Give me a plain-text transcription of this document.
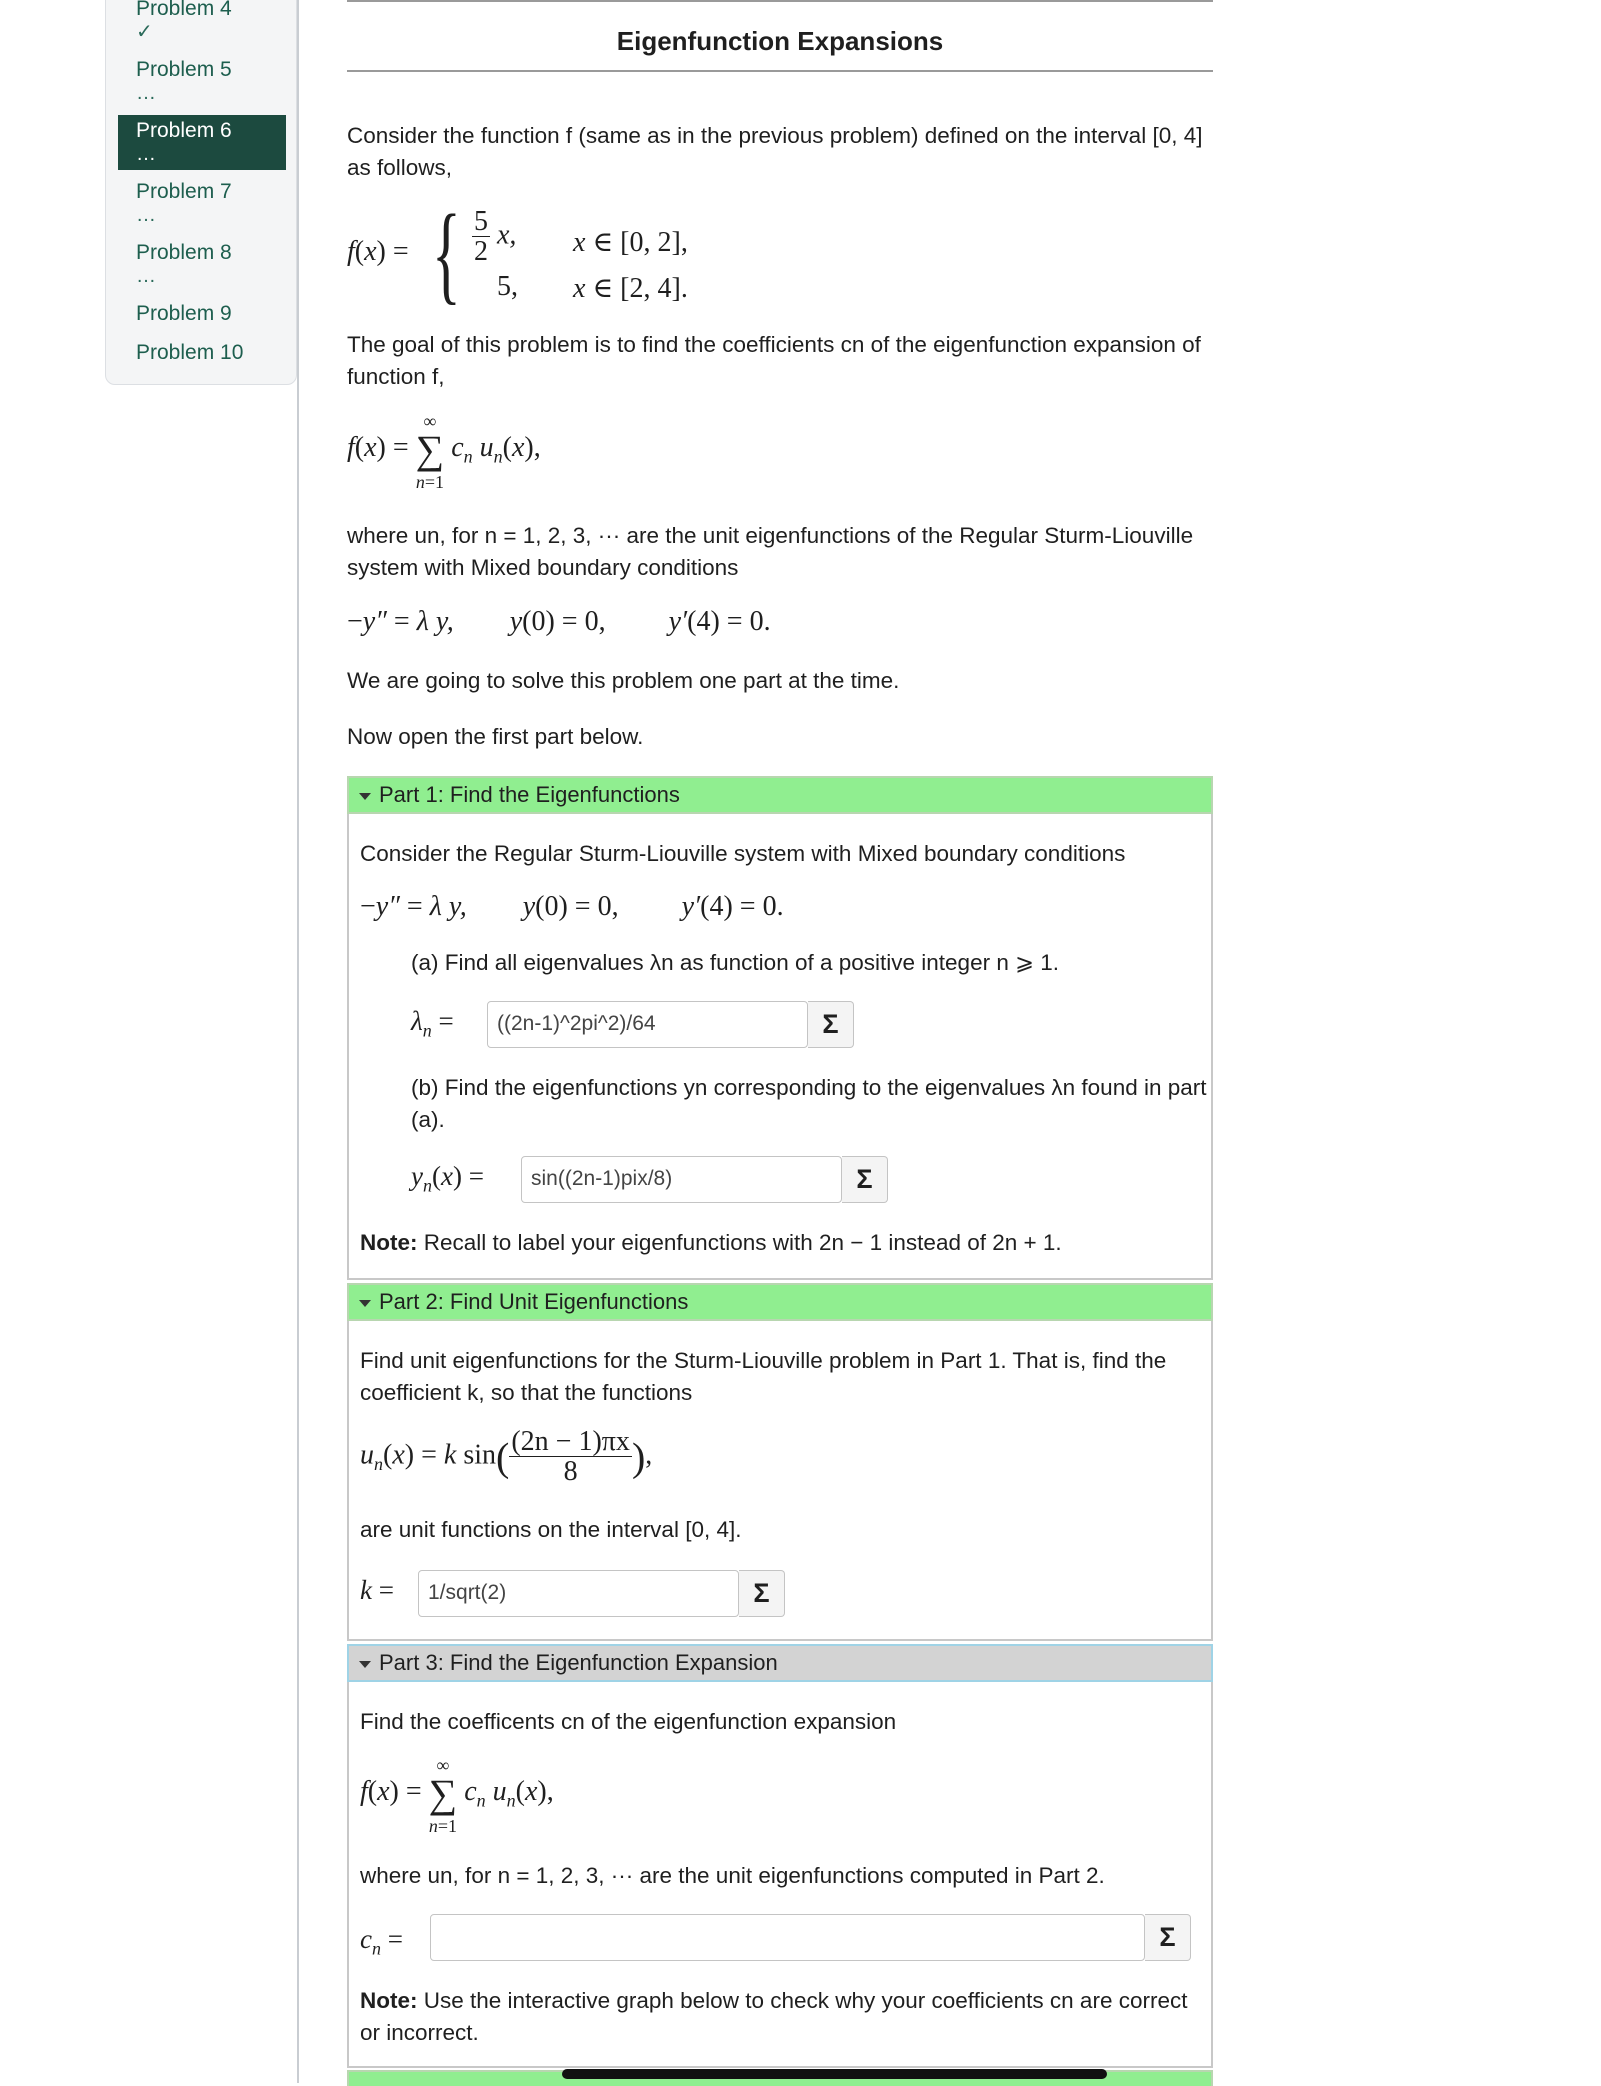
Problem 4
✓
Problem 5
…
Problem 6
…
Problem 7
…
Problem 8
…
Problem 9
Problem 10
Eigenfunction Expansions
Consider the function f (same as in the previous problem) defined on the interval [0, 4] as follows,
f(x) = { $\frac{5}{2} x$, x ∈ [0, 2],
5, x ∈ [2, 4].
The goal of this problem is to find the coefficients cn of the eigenfunction expansion of function f,
f(x) =
∞
∑
n=1
$c_n$ $u_n(x)$,
where un, for n = 1, 2, 3, ··· are the unit eigenfunctions of the Regular Sturm-Liouville system with Mixed boundary conditions
−y″ = λ y,        y(0) = 0,         y′(4) = 0.
We are going to solve this problem one part at the time.
Now open the first part below.
Part 1: Find the Eigenfunctions
Consider the Regular Sturm-Liouville system with Mixed boundary conditions
−y″ = λ y,        y(0) = 0,         y′(4) = 0.
(a) Find all eigenvalues λn as function of a positive integer n ⩾ 1.
$\lambda_n$ =	((2n-1)^2pi^2)/64	Σ
(b) Find the eigenfunctions yn corresponding to the eigenvalues λn found in part (a).
$y_n(x)$ =	sin((2n-1)pix/8)	Σ
Note: Recall to label your eigenfunctions with 2n − 1 instead of 2n + 1.
Part 2: Find Unit Eigenfunctions
Find unit eigenfunctions for the Sturm-Liouville problem in Part 1. That is, find the coefficient k, so that the functions
$u_n(x) = k$ $\sin( \frac{(2n - 1)\pi x}{8}$ ),
are unit functions on the interval [0, 4].
k =	1/sqrt(2)	Σ
Part 3: Find the Eigenfunction Expansion
Find the coefficents cn of the eigenfunction expansion
f(x) =
∞
∑
n=1
$c_n$ $u_n(x)$,
where un, for n = 1, 2, 3, ··· are the unit eigenfunctions computed in Part 2.
$c_n$ =	Σ
Note: Use the interactive graph below to check why your coefficients cn are correct or incorrect.
